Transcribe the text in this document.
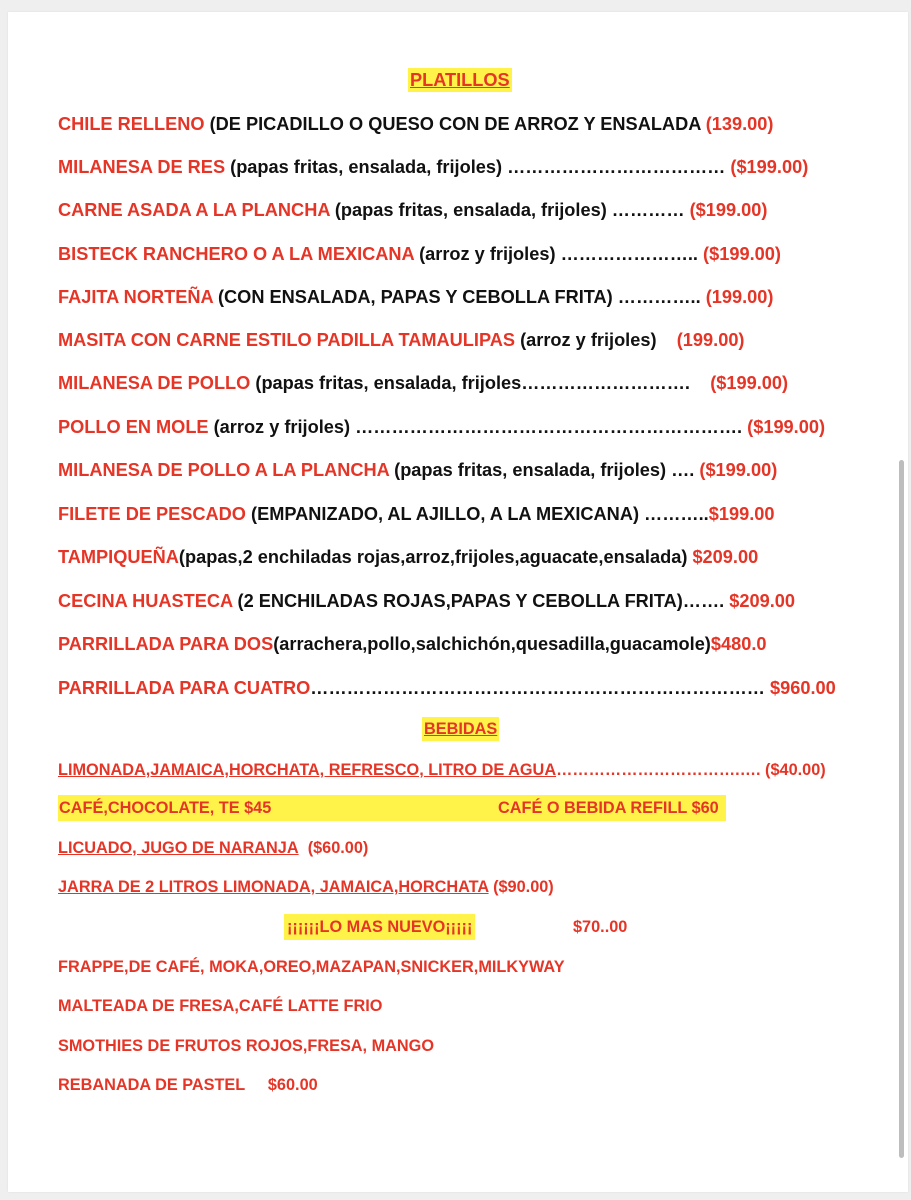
PLATILLOS
CHILE RELLENO (DE PICADILLO O QUESO CON DE ARROZ Y ENSALADA (139.00)
MILANESA DE RES (papas fritas, ensalada, frijoles) ……………………………… ($199.00)
CARNE ASADA A LA PLANCHA (papas fritas, ensalada, frijoles) ………… ($199.00)
BISTECK RANCHERO O A LA MEXICANA (arroz y frijoles) ………………….. ($199.00)
FAJITA NORTEÑA (CON ENSALADA, PAPAS Y CEBOLLA FRITA) ………….. (199.00)
MASITA CON CARNE ESTILO PADILLA TAMAULIPAS (arroz y frijoles)    (199.00)
MILANESA DE POLLO (papas fritas, ensalada, frijoles……………………….    ($199.00)
POLLO EN MOLE (arroz y frijoles) ………………………………………………………. ($199.00)
MILANESA DE POLLO A LA PLANCHA (papas fritas, ensalada, frijoles) …. ($199.00)
FILETE DE PESCADO (EMPANIZADO, AL AJILLO, A LA MEXICANA) ………..$199.00
TAMPIQUEÑA(papas,2 enchiladas rojas,arroz,frijoles,aguacate,ensalada) $209.00
CECINA HUASTECA (2 ENCHILADAS ROJAS,PAPAS Y CEBOLLA FRITA)……. $209.00
PARRILLADA PARA DOS(arrachera,pollo,salchichón,quesadilla,guacamole)$480.0
PARRILLADA PARA CUATRO………………………………………………………………… $960.00
BEBIDAS
LIMONADA,JAMAICA,HORCHATA, REFRESCO, LITRO DE AGUA…………………………….…. ($40.00)
CAFÉ,CHOCOLATE, TE $45	CAFÉ O BEBIDA REFILL $60
LICUADO, JUGO DE NARANJA ($60.00)
JARRA DE 2 LITROS LIMONADA, JAMAICA,HORCHATA ($90.00)
¡¡¡¡¡¡LO MAS NUEVO¡¡¡¡¡	$70..00
FRAPPE,DE CAFÉ, MOKA,OREO,MAZAPAN,SNICKER,MILKYWAY
MALTEADA DE FRESA,CAFÉ LATTE FRIO
SMOTHIES DE FRUTOS ROJOS,FRESA, MANGO
REBANADA DE PASTEL $60.00
